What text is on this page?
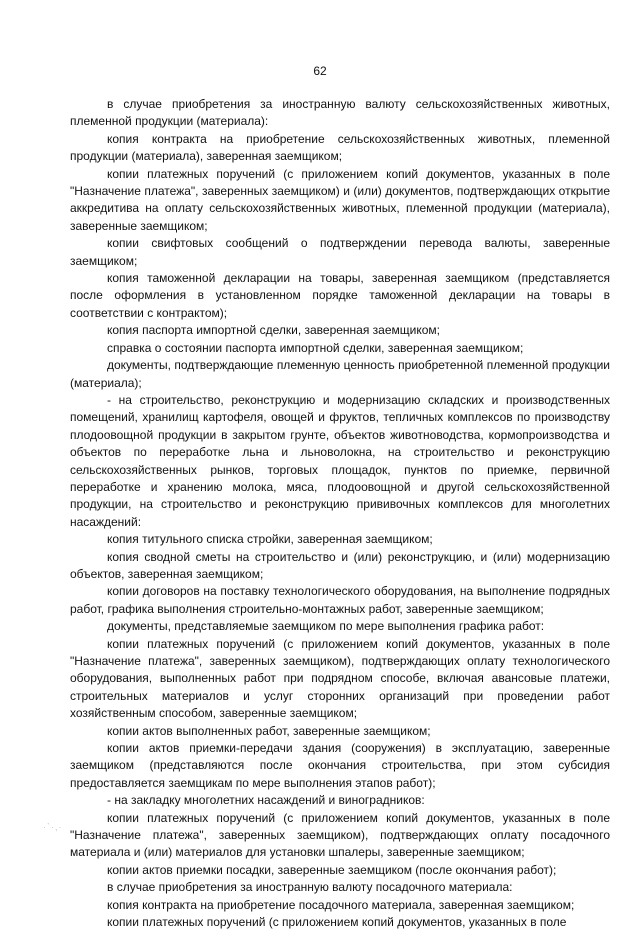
62

в случае приобретения за иностранную валюту сельскохозяйственных животных, племенной продукции (материала):

копия контракта на приобретение сельскохозяйственных животных, племенной продукции (материала), заверенная заемщиком;

копии платежных поручений (с приложением копий документов, указанных в поле "Назначение платежа", заверенных заемщиком) и (или) документов, подтверждающих открытие аккредитива на оплату сельскохозяйственных животных, племенной продукции (материала), заверенные заемщиком;

копии свифтовых сообщений о подтверждении перевода валюты, заверенные заемщиком;

копия таможенной декларации на товары, заверенная заемщиком (представляется после оформления в установленном порядке таможенной декларации на товары в соответствии с контрактом);

копия паспорта импортной сделки, заверенная заемщиком;

справка о состоянии паспорта импортной сделки, заверенная заемщиком;

документы, подтверждающие племенную ценность приобретенной племенной продукции (материала);

- на строительство, реконструкцию и модернизацию складских и производственных помещений, хранилищ картофеля, овощей и фруктов, тепличных комплексов по производству плодоовощной продукции в закрытом грунте, объектов животноводства, кормопроизводства и объектов по переработке льна и льноволокна, на строительство и реконструкцию сельскохозяйственных рынков, торговых площадок, пунктов по приемке, первичной переработке и хранению молока, мяса, плодоовощной и другой сельскохозяйственной продукции, на строительство и реконструкцию прививочных комплексов для многолетних насаждений:

копия титульного списка стройки, заверенная заемщиком;

копия сводной сметы на строительство и (или) реконструкцию, и (или) модернизацию объектов, заверенная заемщиком;

копии договоров на поставку технологического оборудования, на выполнение подрядных работ, графика выполнения строительно-монтажных работ, заверенные заемщиком;

документы, представляемые заемщиком по мере выполнения графика работ:

копии платежных поручений (с приложением копий документов, указанных в поле "Назначение платежа", заверенных заемщиком), подтверждающих оплату технологического оборудования, выполненных работ при подрядном способе, включая авансовые платежи, строительных материалов и услуг сторонних организаций при проведении работ хозяйственным способом, заверенные заемщиком;

копии актов выполненных работ, заверенные заемщиком;

копии актов приемки-передачи здания (сооружения) в эксплуатацию, заверенные заемщиком (представляются после окончания строительства, при этом субсидия предоставляется заемщикам по мере выполнения этапов работ);

- на закладку многолетних насаждений и виноградников:

копии платежных поручений (с приложением копий документов, указанных в поле "Назначение платежа", заверенных заемщиком), подтверждающих оплату посадочного материала и (или) материалов для установки шпалеры, заверенные заемщиком;

копии актов приемки посадки, заверенные заемщиком (после окончания работ);

в случае приобретения за иностранную валюту посадочного материала:

копия контракта на приобретение посадочного материала, заверенная заемщиком;

копии платежных поручений (с приложением копий документов, указанных в поле

·`·,·
